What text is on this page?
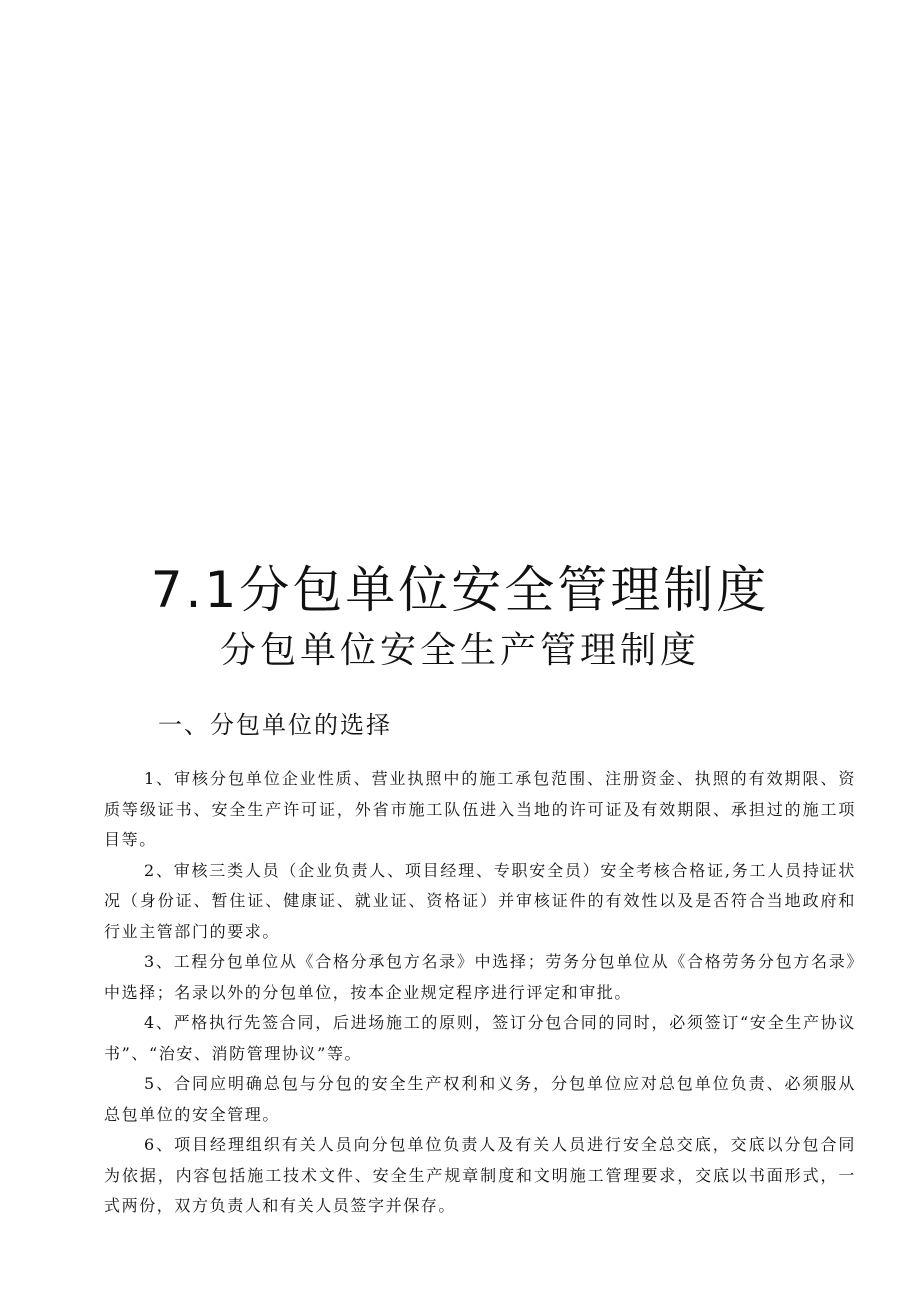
7.1分包单位安全管理制度
分包单位安全生产管理制度
一、分包单位的选择

1、审核分包单位企业性质、营业执照中的施工承包范围、注册资金、执照的有效期限、资质等级证书、安全生产许可证，外省市施工队伍进入当地的许可证及有效期限、承担过的施工项目等。

2、审核三类人员（企业负责人、项目经理、专职安全员）安全考核合格证,务工人员持证状况（身份证、暂住证、健康证、就业证、资格证）并审核证件的有效性以及是否符合当地政府和行业主管部门的要求。

3、工程分包单位从《合格分承包方名录》中选择；劳务分包单位从《合格劳务分包方名录》中选择；名录以外的分包单位，按本企业规定程序进行评定和审批。

4、严格执行先签合同，后进场施工的原则，签订分包合同的同时，必须签订“安全生产协议书”、“治安、消防管理协议”等。

5、合同应明确总包与分包的安全生产权利和义务，分包单位应对总包单位负责、必须服从总包单位的安全管理。

6、项目经理组织有关人员向分包单位负责人及有关人员进行安全总交底，交底以分包合同为依据，内容包括施工技术文件、安全生产规章制度和文明施工管理要求，交底以书面形式，一式两份，双方负责人和有关人员签字并保存。
